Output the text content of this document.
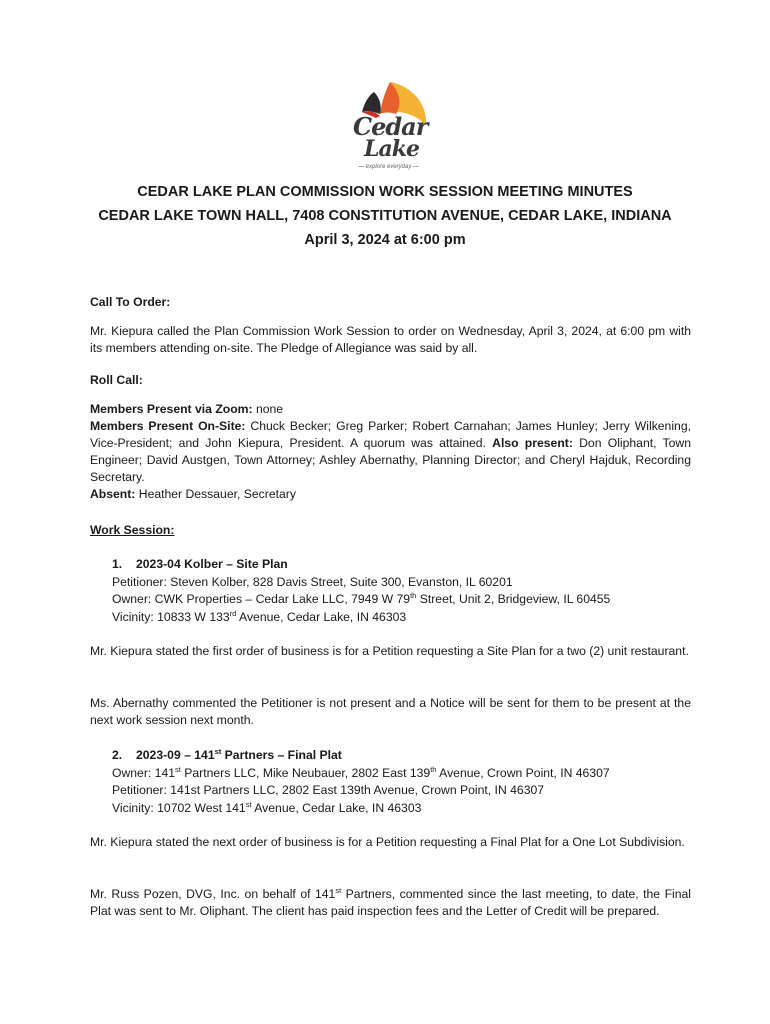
Cedar
Lake
— explore everyday —
CEDAR LAKE PLAN COMMISSION WORK SESSION MEETING MINUTES
CEDAR LAKE TOWN HALL, 7408 CONSTITUTION AVENUE, CEDAR LAKE, INDIANA
April 3, 2024 at 6:00 pm
Call To Order:
Mr. Kiepura called the Plan Commission Work Session to order on Wednesday, April 3, 2024, at 6:00 pm with its members attending on-site. The Pledge of Allegiance was said by all.
Roll Call:
Members Present via Zoom: none
Members Present On-Site: Chuck Becker; Greg Parker; Robert Carnahan; James Hunley; Jerry Wilkening, Vice-President; and John Kiepura, President. A quorum was attained. Also present: Don Oliphant, Town Engineer; David Austgen, Town Attorney; Ashley Abernathy, Planning Director; and Cheryl Hajduk, Recording Secretary.
Absent: Heather Dessauer, Secretary
Work Session:
1. 2023-04 Kolber – Site Plan
Petitioner: Steven Kolber, 828 Davis Street, Suite 300, Evanston, IL 60201
Owner: CWK Properties – Cedar Lake LLC, 7949 W 79th Street, Unit 2, Bridgeview, IL 60455
Vicinity: 10833 W 133rd Avenue, Cedar Lake, IN 46303
Mr. Kiepura stated the first order of business is for a Petition requesting a Site Plan for a two (2) unit restaurant.
Ms. Abernathy commented the Petitioner is not present and a Notice will be sent for them to be present at the next work session next month.
2. 2023-09 – 141st Partners – Final Plat
Owner: 141st Partners LLC, Mike Neubauer, 2802 East 139th Avenue, Crown Point, IN 46307
Petitioner: 141st Partners LLC, 2802 East 139th Avenue, Crown Point, IN 46307
Vicinity: 10702 West 141st Avenue, Cedar Lake, IN 46303
Mr. Kiepura stated the next order of business is for a Petition requesting a Final Plat for a One Lot Subdivision.
Mr. Russ Pozen, DVG, Inc. on behalf of 141st Partners, commented since the last meeting, to date, the Final Plat was sent to Mr. Oliphant. The client has paid inspection fees and the Letter of Credit will be prepared.
